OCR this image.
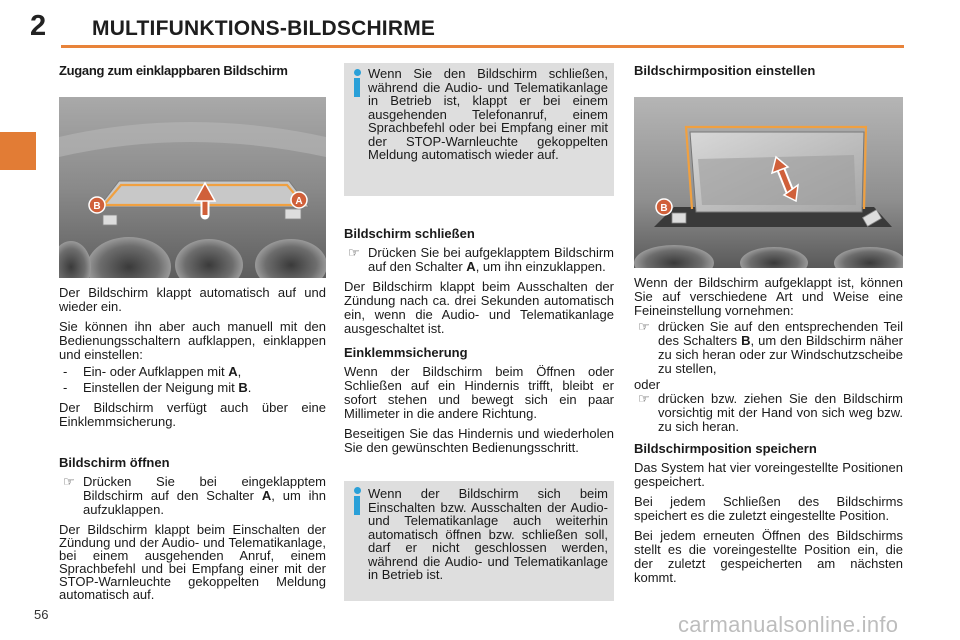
2 MULTIFUNKTIONS-BILDSCHIRME
Zugang zum einklappbaren Bildschirm
B	A

Der Bildschirm klappt automatisch auf und wieder ein.

Sie können ihn aber auch manuell mit den Bedienungsschaltern aufklappen, einklappen und einstellen:

- Ein- oder Aufklappen mit A,
- Einstellen der Neigung mit B.

Der Bildschirm verfügt auch über eine Einklemmsicherung.

Bildschirm öffnen
☞ Drücken Sie bei eingeklapptem Bildschirm auf den Schalter A, um ihn aufzuklappen.

Der Bildschirm klappt beim Einschalten der Zündung und der Audio- und Telematikanlage, bei einem ausgehenden Anruf, einem Sprachbefehl und bei Empfang einer mit der STOP-Warnleuchte gekoppelten Meldung automatisch auf.

Wenn Sie den Bildschirm schließen, während die Audio- und Telematikanlage in Betrieb ist, klappt er bei einem ausgehenden Telefonanruf, einem Sprachbefehl oder bei Empfang einer mit der STOP-Warnleuchte gekoppelten Meldung automatisch wieder auf.

Bildschirm schließen
☞ Drücken Sie bei aufgeklapptem Bildschirm auf den Schalter A, um ihn einzuklappen.

Der Bildschirm klappt beim Ausschalten der Zündung nach ca. drei Sekunden automatisch ein, wenn die Audio- und Telematikanlage ausgeschaltet ist.

Einklemmsicherung

Wenn der Bildschirm beim Öffnen oder Schließen auf ein Hindernis trifft, bleibt er sofort stehen und bewegt sich ein paar Millimeter in die andere Richtung.

Beseitigen Sie das Hindernis und wiederholen Sie den gewünschten Bedienungsschritt.

Wenn der Bildschirm sich beim Einschalten bzw. Ausschalten der Audio- und Telematikanlage auch weiterhin automatisch öffnen bzw. schließen soll, darf er nicht geschlossen werden, während die Audio- und Telematikanlage in Betrieb ist.

Bildschirmposition einstellen
B

Wenn der Bildschirm aufgeklappt ist, können Sie auf verschiedene Art und Weise eine Feineinstellung vornehmen:

☞ drücken Sie auf den entsprechenden Teil des Schalters B, um den Bildschirm näher zu sich heran oder zur Windschutzscheibe zu stellen,

oder

☞ drücken bzw. ziehen Sie den Bildschirm vorsichtig mit der Hand von sich weg bzw. zu sich heran.
Bildschirmposition speichern

Das System hat vier voreingestellte Positionen gespeichert.

Bei jedem Schließen des Bildschirms speichert es die zuletzt eingestellte Position.

Bei jedem erneuten Öffnen des Bildschirms stellt es die voreingestellte Position ein, die der zuletzt gespeicherten am nächsten kommt.

56	carmanualsonline.info
